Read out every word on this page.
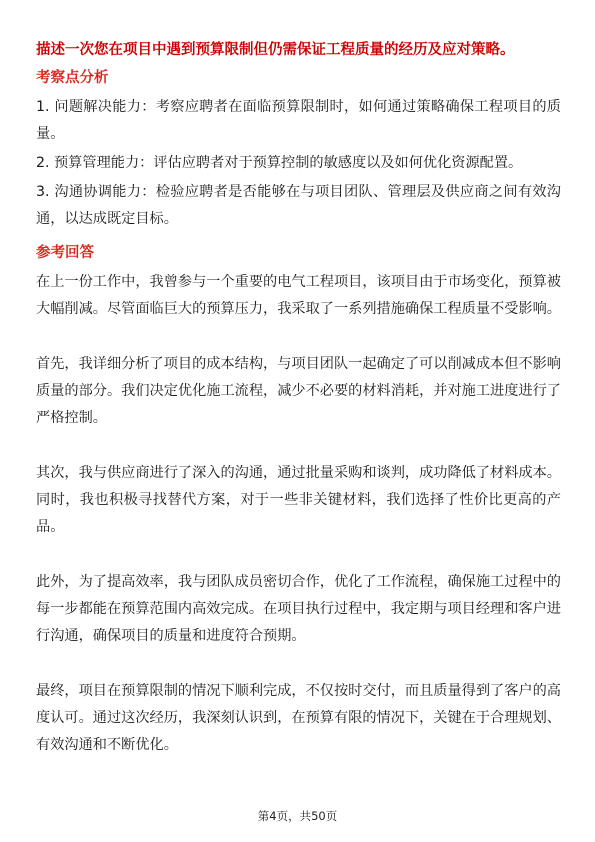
描述一次您在项目中遇到预算限制但仍需保证工程质量的经历及应对策略。

考察点分析

1. 问题解决能力：考察应聘者在面临预算限制时，如何通过策略确保工程项目的质量。

2. 预算管理能力：评估应聘者对于预算控制的敏感度以及如何优化资源配置。

3. 沟通协调能力：检验应聘者是否能够在与项目团队、管理层及供应商之间有效沟通，以达成既定目标。

参考回答

在上一份工作中，我曾参与一个重要的电气工程项目，该项目由于市场变化，预算被大幅削减。尽管面临巨大的预算压力，我采取了一系列措施确保工程质量不受影响。

首先，我详细分析了项目的成本结构，与项目团队一起确定了可以削减成本但不影响质量的部分。我们决定优化施工流程，减少不必要的材料消耗，并对施工进度进行了严格控制。

其次，我与供应商进行了深入的沟通，通过批量采购和谈判，成功降低了材料成本。同时，我也积极寻找替代方案，对于一些非关键材料，我们选择了性价比更高的产品。

此外，为了提高效率，我与团队成员密切合作，优化了工作流程，确保施工过程中的每一步都能在预算范围内高效完成。在项目执行过程中，我定期与项目经理和客户进行沟通，确保项目的质量和进度符合预期。

最终，项目在预算限制的情况下顺利完成，不仅按时交付，而且质量得到了客户的高度认可。通过这次经历，我深刻认识到，在预算有限的情况下，关键在于合理规划、有效沟通和不断优化。

第4页，共50页
